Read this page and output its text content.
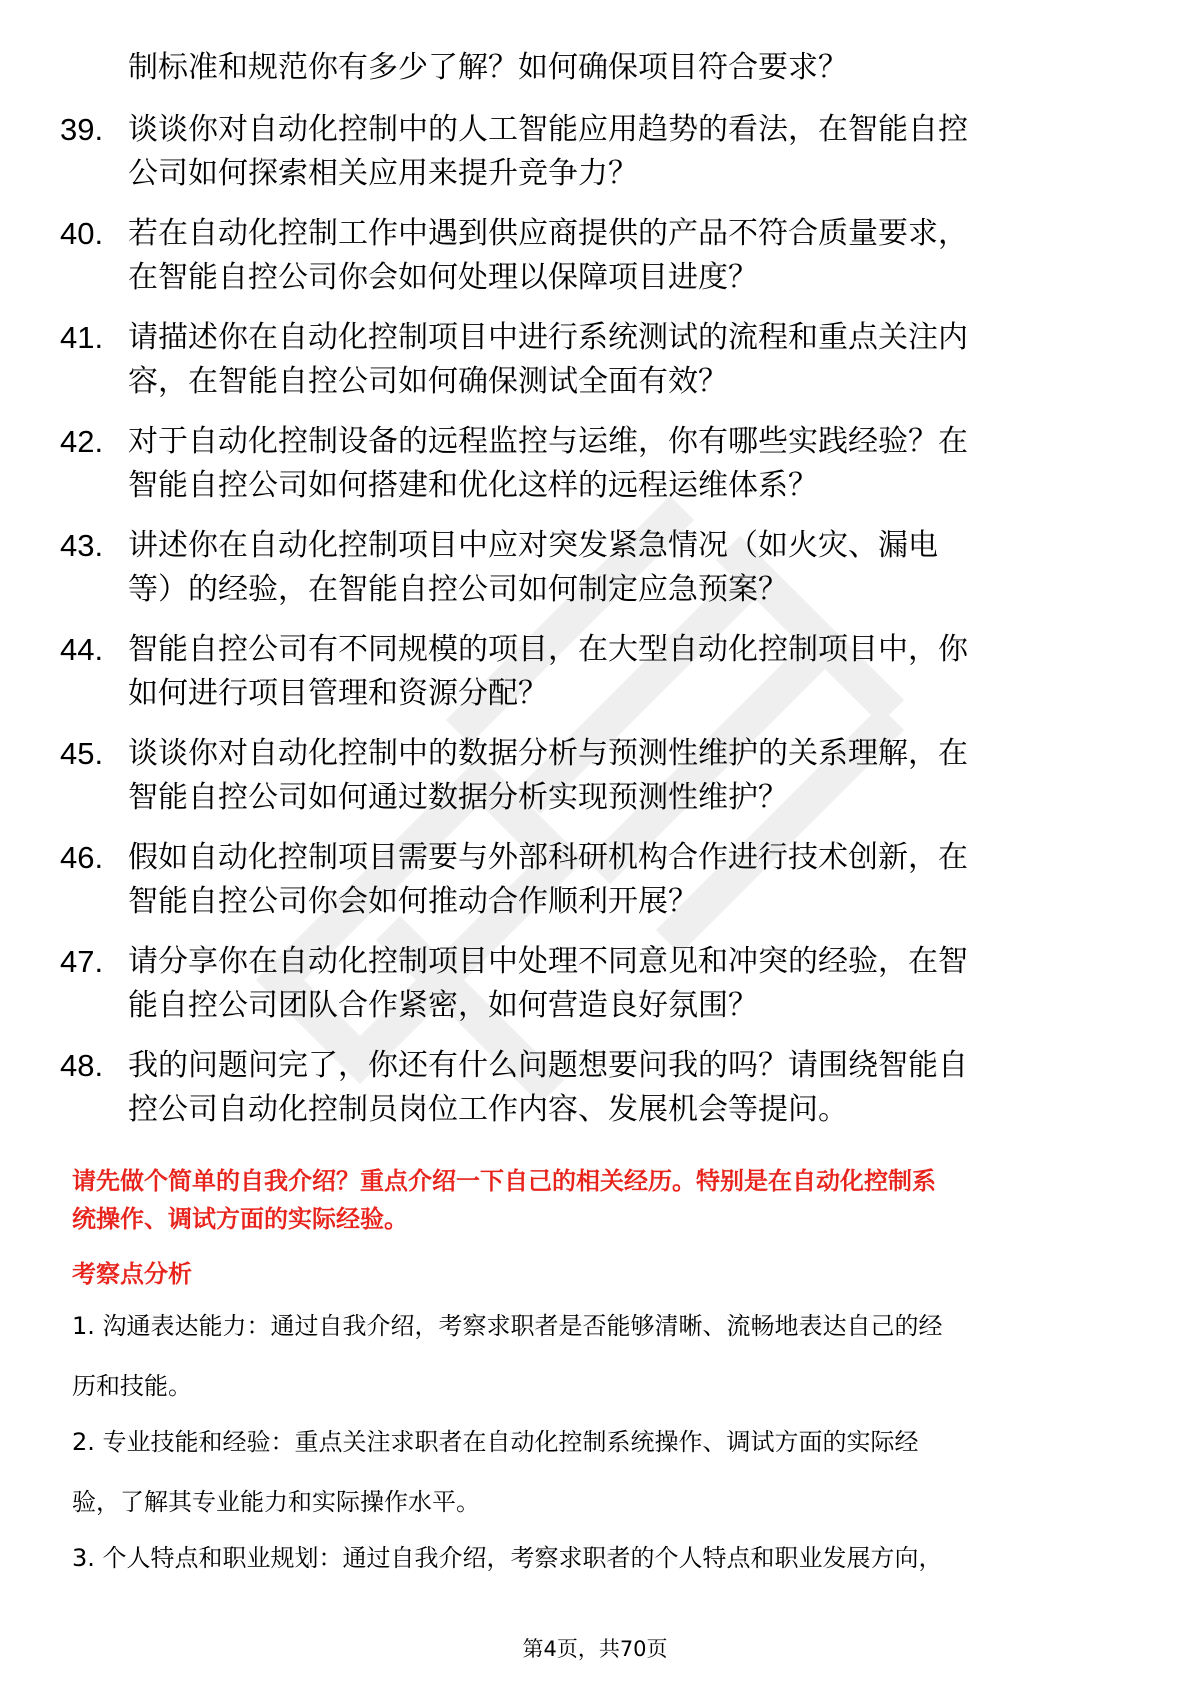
制标准和规范你有多少了解？如何确保项目符合要求？
39. 谈谈你对自动化控制中的人工智能应用趋势的看法，在智能自控
公司如何探索相关应用来提升竞争力？
40. 若在自动化控制工作中遇到供应商提供的产品不符合质量要求，
在智能自控公司你会如何处理以保障项目进度？
41. 请描述你在自动化控制项目中进行系统测试的流程和重点关注内
容，在智能自控公司如何确保测试全面有效？
42. 对于自动化控制设备的远程监控与运维，你有哪些实践经验？在
智能自控公司如何搭建和优化这样的远程运维体系？
43. 讲述你在自动化控制项目中应对突发紧急情况（如火灾、漏电
等）的经验，在智能自控公司如何制定应急预案？
44. 智能自控公司有不同规模的项目，在大型自动化控制项目中，你
如何进行项目管理和资源分配？
45. 谈谈你对自动化控制中的数据分析与预测性维护的关系理解，在
智能自控公司如何通过数据分析实现预测性维护？
46. 假如自动化控制项目需要与外部科研机构合作进行技术创新，在
智能自控公司你会如何推动合作顺利开展？
47. 请分享你在自动化控制项目中处理不同意见和冲突的经验，在智
能自控公司团队合作紧密，如何营造良好氛围？
48. 我的问题问完了，你还有什么问题想要问我的吗？请围绕智能自
控公司自动化控制员岗位工作内容、发展机会等提问。
请先做个简单的自我介绍？重点介绍一下自己的相关经历。特别是在自动化控制系
统操作、调试方面的实际经验。
考察点分析

1. 沟通表达能力：通过自我介绍，考察求职者是否能够清晰、流畅地表达自己的经
历和技能。

2. 专业技能和经验：重点关注求职者在自动化控制系统操作、调试方面的实际经
验，了解其专业能力和实际操作水平。

3. 个人特点和职业规划：通过自我介绍，考察求职者的个人特点和职业发展方向，

第4页，共70页
